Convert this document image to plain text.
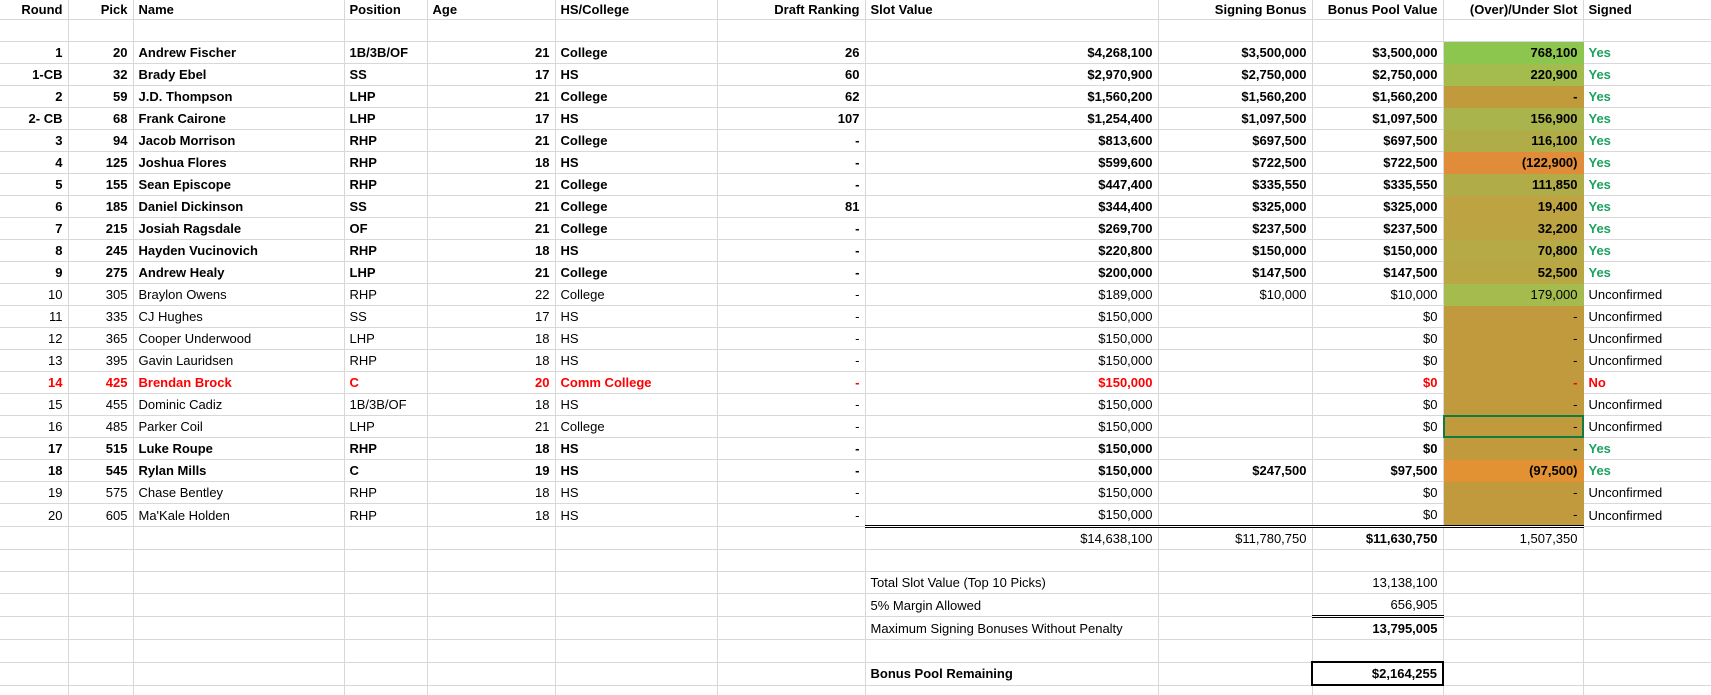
Round	Pick	Name	Position	Age	HS/College	Draft Ranking	Slot Value	Signing Bonus	Bonus Pool Value	(Over)/Under Slot	Signed

1	20	Andrew Fischer	1B/3B/OF	21	College	26	$4,268,100	$3,500,000	$3,500,000	768,100	Yes
1-CB	32	Brady Ebel	SS	17	HS	60	$2,970,900	$2,750,000	$2,750,000	220,900	Yes
2	59	J.D. Thompson	LHP	21	College	62	$1,560,200	$1,560,200	$1,560,200	-	Yes
2- CB	68	Frank Cairone	LHP	17	HS	107	$1,254,400	$1,097,500	$1,097,500	156,900	Yes
3	94	Jacob Morrison	RHP	21	College	-	$813,600	$697,500	$697,500	116,100	Yes
4	125	Joshua Flores	RHP	18	HS	-	$599,600	$722,500	$722,500	(122,900)	Yes
5	155	Sean Episcope	RHP	21	College	-	$447,400	$335,550	$335,550	111,850	Yes
6	185	Daniel Dickinson	SS	21	College	81	$344,400	$325,000	$325,000	19,400	Yes
7	215	Josiah Ragsdale	OF	21	College	-	$269,700	$237,500	$237,500	32,200	Yes
8	245	Hayden Vucinovich	RHP	18	HS	-	$220,800	$150,000	$150,000	70,800	Yes
9	275	Andrew Healy	LHP	21	College	-	$200,000	$147,500	$147,500	52,500	Yes
10	305	Braylon Owens	RHP	22	College	-	$189,000	$10,000	$10,000	179,000	Unconfirmed
11	335	CJ Hughes	SS	17	HS	-	$150,000		$0	-	Unconfirmed
12	365	Cooper Underwood	LHP	18	HS	-	$150,000		$0	-	Unconfirmed
13	395	Gavin Lauridsen	RHP	18	HS	-	$150,000		$0	-	Unconfirmed
14	425	Brendan Brock	C	20	Comm College	-	$150,000		$0	-	No
15	455	Dominic Cadiz	1B/3B/OF	18	HS	-	$150,000		$0	-	Unconfirmed
16	485	Parker Coil	LHP	21	College	-	$150,000		$0	-	Unconfirmed
17	515	Luke Roupe	RHP	18	HS	-	$150,000		$0	-	Yes
18	545	Rylan Mills	C	19	HS	-	$150,000	$247,500	$97,500	(97,500)	Yes
19	575	Chase Bentley	RHP	18	HS	-	$150,000		$0	-	Unconfirmed
20	605	Ma'Kale Holden	RHP	18	HS	-	$150,000		$0	-	Unconfirmed
							$14,638,100	$11,780,750	$11,630,750	1,507,350	

							Total Slot Value (Top 10 Picks)		13,138,100		
							5% Margin Allowed		656,905		
							Maximum Signing Bonuses Without Penalty		13,795,005		

							Bonus Pool Remaining		$2,164,255		
